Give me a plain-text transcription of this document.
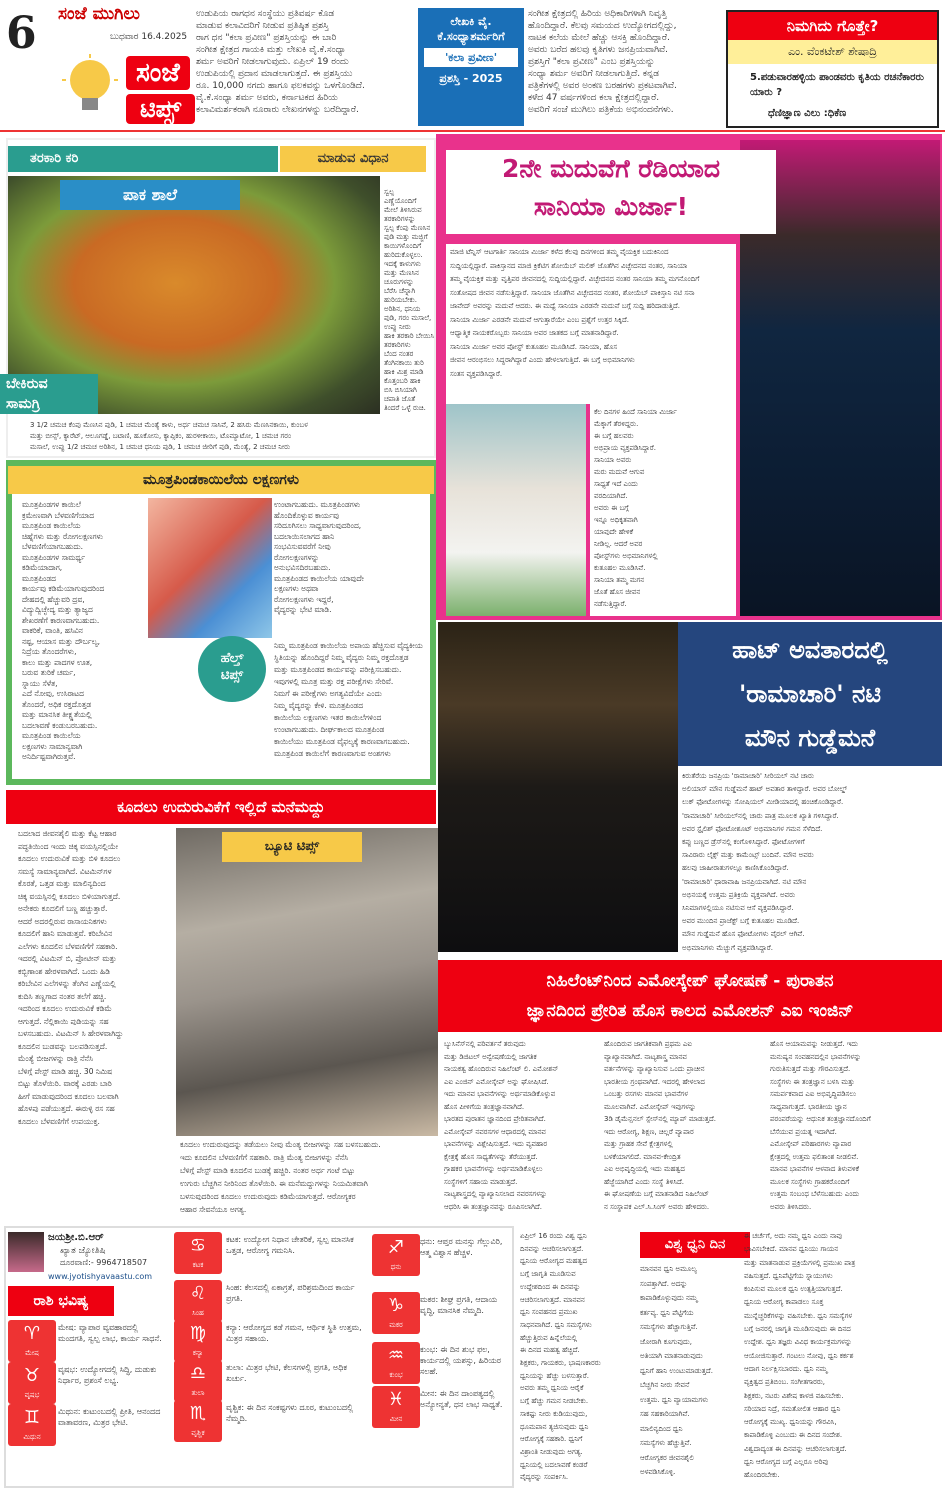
6 ಸಂಜೆ ಮುಗಿಲು
ಬುಧವಾರ 16.4.2025
ಸಂಜೆ
ಟಿಪ್ಸ್
ಉಡುಪಿಯ ರಾಗಧನ ಸಂಸ್ಥೆಯು ಪ್ರತಿವರ್ಷ ಕೊಡ
ಮಾಡುವ ಕಲಾವಿದರಿಗೆ ನೀಡುವ ಪ್ರತಿಷ್ಠಿತ ಪ್ರಶಸ್ತಿ
ರಾಗ ಧನ "ಕಲಾ ಪ್ರವೀಣ" ಪ್ರಶಸ್ತಿಯನ್ನು ಈ ಬಾರಿ
ಸಂಗೀತ ಕ್ಷೇತ್ರದ ಗಾಯಕಿ ಮತ್ತು ಲೇಖಕಿ ವೈ.ಕೆ.ಸಂಧ್ಯಾ
ಶರ್ಮ ಅವರಿಗೆ ನೀಡಲಾಗುವುದು. ಏಪ್ರಿಲ್ 19 ರಂದು
ಉಡುಪಿಯಲ್ಲಿ ಪ್ರದಾನ ಮಾಡಲಾಗುತ್ತದೆ. ಈ ಪ್ರಶಸ್ತಿಯು
ರೂ. 10,000 ನಗದು ಹಾಗೂ ಫಲಕವನ್ನು ಒಳಗೊಂಡಿದೆ.
ವೈ.ಕೆ.ಸಂಧ್ಯಾ ಶರ್ಮ ಅವರು, ಕರ್ನಾಟಕದ ಹಿರಿಯ
ಕಲಾವಿಮರ್ಶಕರಾಗಿ ನೂರಾರು ಲೇಖನಗಳನ್ನು ಬರೆದಿದ್ದಾರೆ.
ಲೇಖಕಿ ವೈ.
ಕೆ.ಸಂಧ್ಯಾಶರ್ಮರಿಗೆ
'ಕಲಾ ಪ್ರವೀಣ'
ಪ್ರಶಸ್ತಿ - 2025
ಸಂಗೀತ ಕ್ಷೇತ್ರದಲ್ಲಿ ಹಿರಿಯ ಅಧಿಕಾರಿಗಳಾಗಿ ನಿವೃತ್ತಿ
ಹೊಂದಿದ್ದಾರೆ. ಕೆಲವು ಸಮಯದ ಉದ್ಯೋಗದಲ್ಲಿದ್ದು,
ನಾಟಕ ಕಲೆಯ ಮೇಲೆ ಹೆಚ್ಚು ಆಸಕ್ತಿ ಹೊಂದಿದ್ದಾರೆ.
ಅವರು ಬರೆದ ಹಲವು ಕೃತಿಗಳು ಜನಪ್ರಿಯವಾಗಿವೆ.
ಪ್ರಶಸ್ತಿಗೆ "ಕಲಾ ಪ್ರವೀಣ" ಎಂಬ ಪ್ರಶಸ್ತಿಯನ್ನು
ಸಂಧ್ಯಾ ಶರ್ಮ ಅವರಿಗೆ ನೀಡಲಾಗುತ್ತಿದೆ. ಕನ್ನಡ
ಪತ್ರಿಕೆಗಳಲ್ಲಿ ಅವರ ಅಂಕಣ ಬರಹಗಳು ಪ್ರಕಟವಾಗಿವೆ.
ಕಳೆದ 47 ವರ್ಷಗಳಿಂದ ಕಲಾ ಕ್ಷೇತ್ರದಲ್ಲಿದ್ದಾರೆ.
ಅವರಿಗೆ ಸಂಜೆ ಮುಗಿಲು ಪತ್ರಿಕೆಯ ಅಭಿನಂದನೆಗಳು.
ನಿಮಗಿದು ಗೊತ್ತೇ?
ಎಂ. ವೆಂಕಟೇಶ್ ಶೇಷಾದ್ರಿ
5.ಪಡುವಾರಹಳ್ಳಿಯ ಪಾಂಡವರು ಕೃತಿಯ ರಚನೆಕಾರರು ಯಾರು ?
ಧೆಣಿಜ್ಞಾಣ ವಿಲು :ಧಿಕೆಣ
ತರಕಾರಿ ಕರಿ	ಮಾಡುವ ವಿಧಾನ
ಪಾಕ ಶಾಲೆ
ಬೇಕಿರುವ
ಸಾಮಗ್ರಿ
ಸ್ವಲ್ಪ
ಎಣ್ಣೆಯೊಂದಿಗೆ
ಮೇಲೆ ತಿಳಿಸಿರುವ
ತರಕಾರಿಗಳನ್ನು
ಸ್ವಲ್ಪ ಕೆಂಪು ಮೆಣಸಿನ
ಪುಡಿ ಮತ್ತು ಮಜ್ಜಿಗೆ
ಕಾಯಿಗಳೊಂದಿಗೆ
ಹುರಿದುಕೊಳ್ಳಲು.
ಇದಕ್ಕೆ ಕಾಳುಗಳು
ಮತ್ತು ಮೆಣಸಿನ
ಚೂರುಗಳನ್ನು
ಬೆರೆಸಿ ಚೆನ್ನಾಗಿ
ಹುರಿಯಬೇಕು.
ಅರಿಶಿನ, ಧನಿಯ
ಪುಡಿ, ಗರಂ ಮಸಾಲೆ,
ಉಪ್ಪು ನೀರು
ಹಾಕಿ ತರಕಾರಿ ಬೇಯಿಸಿ
ತರಕಾರಿಗಳು
ಬೆಂದ ನಂತರ
ತೆಂಗಿನಕಾಯಿ ತುರಿ
ಹಾಕಿ ಮಿಶ್ರ ಮಾಡಿ
ಕೊತ್ತಂಬರಿ ಹಾಕಿ
ಬಿಸಿ ಬಿಸಿಯಾಗಿ
ಚಪಾತಿ ಜೊತೆ
ತಿಂದರೆ ಒಳ್ಳೆ ರುಚಿ.
3 1/2 ಚಮಚ ಕೆಂಪು ಮೆಣಸಿನ ಪುಡಿ, 1 ಚಮಚ ಮೆಂತ್ಯೆ ಕಾಳು, ಅರ್ಧ ಚಮಚ ಸಾಸಿವೆ, 2 ಹಸಿರು ಮೆಣಸಿನಕಾಯಿ, ಕುಂಬಳ
ಮತ್ತು ಬೀನ್ಸ್, ಕ್ಯಾರೆಟ್, ಆಲೂಗಡ್ಡೆ, ಬಟಾಣಿ, ಹೂಕೋಸು, ಕ್ಯಾಪ್ಸಿಕಂ, ಹುರಳೀಕಾಯಿ, ಟೊಮ್ಯಾಟೋ, 1 ಚಮಚ ಗರಂ
ಮಸಾಲೆ, ಉಪ್ಪು 1/2 ಚಮಚ ಅರಿಶಿನ, 1 ಚಮಚ ಧನಿಯ ಪುಡಿ, 1 ಚಮಚ ಜೀರಿಗೆ ಪುಡಿ, ಮೆಂತ್ಯೆ, 2 ಚಮಚ ನೀರು
ಮೂತ್ರಪಿಂಡಕಾಯಿಲೆಯ ಲಕ್ಷಣಗಳು
ಹೆಲ್ತ್
ಟಿಪ್ಸ್
ಮೂತ್ರಪಿಂಡಗಳ ಕಾಯಿಲೆ
ಕ್ರಮೇಣವಾಗಿ ಬೆಳವಣಿಗೆಯಾದ
ಮೂತ್ರಪಿಂಡ ಕಾಯಿಲೆಯ
ಚಿಹ್ನೆಗಳು ಮತ್ತು ರೋಗಲಕ್ಷಣಗಳು
ಬೆಳವಣಿಗೆಯಾಗಬಹುದು.
ಮೂತ್ರಪಿಂಡಗಳ ಸಾಮರ್ಥ್ಯ
ಕಡಿಮೆಯಾದಾಗ,
ಮೂತ್ರಪಿಂಡದ
ಕಾರ್ಯವು ಕಡಿಮೆಯಾಗುವುದರಿಂದ
ದೇಹದಲ್ಲಿ ಹೆಚ್ಚುವರಿ ದ್ರವ,
ವಿದ್ಯುದ್ವಿಚ್ಛೇದ್ಯ ಮತ್ತು ತ್ಯಾಜ್ಯದ
ಶೇಖರಣೆಗೆ ಕಾರಣವಾಗಬಹುದು.
ವಾಕರಿಕೆ, ವಾಂತಿ, ಹಸಿವಿನ
ನಷ್ಟ, ಆಯಾಸ ಮತ್ತು ದೌರ್ಬಲ್ಯ,
ನಿದ್ರೆಯ ತೊಂದರೆಗಳು,
ಕಾಲು ಮತ್ತು ಪಾದಗಳ ಊತ,
ಬರುವ ತುರಿಕೆ ಚರ್ಮ,
ಸ್ನಾಯು ಸೆಳೆತ,
ಎದೆ ನೋವು, ಉಸಿರಾಟದ
ತೊಂದರೆ, ಅಧಿಕ ರಕ್ತದೊತ್ತಡ
ಮತ್ತು ಮಾನಸಿಕ ತೀಕ್ಷ್ಣತೆಯಲ್ಲಿ
ಬದಲಾವಣೆ ಕಂಡುಬರಬಹುದು.
ಮೂತ್ರಪಿಂಡ ಕಾಯಿಲೆಯ
ಲಕ್ಷಣಗಳು ಸಾಮಾನ್ಯವಾಗಿ
ಅನಿರ್ದಿಷ್ಟವಾಗಿರುತ್ತವೆ.
ಉಂಟಾಗಬಹುದು. ಮೂತ್ರಪಿಂಡಗಳು
ಹೊಂದಿಕೊಳ್ಳುವ ಕಾರ್ಯವು
ಸರಿದೂಗಿಸಲು ಸಾಧ್ಯವಾಗುವುದರಿಂದ,
ಬದಲಾಯಿಸಲಾಗದ ಹಾನಿ
ಸಂಭವಿಸುವವರೆಗೆ ನೀವು
ರೋಗಲಕ್ಷಣಗಳನ್ನು
ಅನುಭವಿಸದಿರಬಹುದು.
ಮೂತ್ರಪಿಂಡದ ಕಾಯಿಲೆಯ ಯಾವುದೇ
ಲಕ್ಷಣಗಳು ಅಥವಾ
ರೋಗಲಕ್ಷಣಗಳು ಇದ್ದರೆ,
ವೈದ್ಯರನ್ನು ಭೇಟಿ ಮಾಡಿ.
ನಿಮ್ಮ ಮೂತ್ರಪಿಂಡ ಕಾಯಿಲೆಯ ಅಪಾಯ ಹೆಚ್ಚಿಸುವ ವೈದ್ಯಕೀಯ
ಸ್ಥಿತಿಯನ್ನು ಹೊಂದಿದ್ದರೆ ನಿಮ್ಮ ವೈದ್ಯರು ನಿಮ್ಮ ರಕ್ತದೊತ್ತಡ
ಮತ್ತು ಮೂತ್ರಪಿಂಡದ ಕಾರ್ಯವನ್ನು ಪರೀಕ್ಷಿಸಬಹುದು.
ಇವುಗಳಲ್ಲಿ ಮೂತ್ರ ಮತ್ತು ರಕ್ತ ಪರೀಕ್ಷೆಗಳು ಸೇರಿವೆ.
ನಿಮಗೆ ಈ ಪರೀಕ್ಷೆಗಳು ಅಗತ್ಯವಿದೆಯೇ ಎಂದು
ನಿಮ್ಮ ವೈದ್ಯರನ್ನು ಕೇಳಿ. ಮೂತ್ರಪಿಂಡದ
ಕಾಯಿಲೆಯ ಲಕ್ಷಣಗಳು ಇತರ ಕಾಯಿಲೆಗಳಿಂದ
ಉಂಟಾಗಬಹುದು. ದೀರ್ಘಕಾಲದ ಮೂತ್ರಪಿಂಡ
ಕಾಯಿಲೆಯು ಮೂತ್ರಪಿಂಡ ವೈಫಲ್ಯಕ್ಕೆ ಕಾರಣವಾಗಬಹುದು.
ಮೂತ್ರಪಿಂಡ ಕಾಯಿಲೆಗೆ ಕಾರಣವಾಗುವ ಅಂಶಗಳು
ಕೂದಲು ಉದುರುವಿಕೆಗೆ ಇಲ್ಲಿದೆ ಮನೆಮದ್ದು
ಬ್ಯೂಟಿ ಟಿಪ್ಸ್
ಬದಲಾದ ಜೀವನಶೈಲಿ ಮತ್ತು ಕೆಟ್ಟ ಆಹಾರ
ಪದ್ಧತಿಯಿಂದ ಇಂದು ಚಿಕ್ಕ ವಯಸ್ಸಿನಲ್ಲಿಯೇ
ಕೂದಲು ಉದುರುವಿಕೆ ಮತ್ತು ಬಿಳಿ ಕೂದಲು
ಸಮಸ್ಯೆ ಸಾಮಾನ್ಯವಾಗಿದೆ. ವಿಟಮಿನ್‌ಗಳ
ಕೊರತೆ, ಒತ್ತಡ ಮತ್ತು ಮಾಲಿನ್ಯದಿಂದ
ಚಿಕ್ಕ ವಯಸ್ಸಿನಲ್ಲಿ ಕೂದಲು ಬಿಳಿಯಾಗುತ್ತದೆ.
ಅನೇಕರು ಕೂದಲಿಗೆ ಬಣ್ಣ ಹಚ್ಚುತ್ತಾರೆ.
ಆದರೆ ಅದರಲ್ಲಿರುವ ರಾಸಾಯನಿಕಗಳು
ಕೂದಲಿಗೆ ಹಾನಿ ಮಾಡುತ್ತವೆ. ಕರಿಬೇವಿನ
ಎಲೆಗಳು ಕೂದಲಿನ ಬೆಳವಣಿಗೆಗೆ ಸಹಕಾರಿ.
ಇದರಲ್ಲಿ ವಿಟಮಿನ್ ಬಿ, ಪ್ರೋಟೀನ್ ಮತ್ತು
ಕಬ್ಬಿಣಾಂಶ ಹೇರಳವಾಗಿದೆ. ಒಂದು ಹಿಡಿ
ಕರಿಬೇವಿನ ಎಲೆಗಳನ್ನು ತೆಂಗಿನ ಎಣ್ಣೆಯಲ್ಲಿ
ಕುದಿಸಿ ತಣ್ಣಗಾದ ನಂತರ ತಲೆಗೆ ಹಚ್ಚಿ.
ಇದರಿಂದ ಕೂದಲು ಉದುರುವಿಕೆ ಕಡಿಮೆ
ಆಗುತ್ತದೆ. ನೆಲ್ಲಿಕಾಯಿ ಪುಡಿಯನ್ನು ಸಹ
ಬಳಸಬಹುದು. ವಿಟಮಿನ್ ಸಿ ಹೇರಳವಾಗಿದ್ದು
ಕೂದಲಿನ ಬುಡವನ್ನು ಬಲಪಡಿಸುತ್ತದೆ.
ಮೆಂತ್ಯೆ ಬೀಜಗಳನ್ನು ರಾತ್ರಿ ನೆನೆಸಿ
ಬೆಳಿಗ್ಗೆ ಪೇಸ್ಟ್ ಮಾಡಿ ಹಚ್ಚಿ. 30 ನಿಮಿಷ
ಬಿಟ್ಟು ತೊಳೆಯಿರಿ. ವಾರಕ್ಕೆ ಎರಡು ಬಾರಿ
ಹೀಗೆ ಮಾಡುವುದರಿಂದ ಕೂದಲು ಬಲವಾಗಿ
ಹೊಳಪು ಪಡೆಯುತ್ತದೆ. ಈರುಳ್ಳಿ ರಸ ಸಹ
ಕೂದಲು ಬೆಳವಣಿಗೆಗೆ ಉಪಯುಕ್ತ.
ಕೂದಲು ಉದುರುವುದನ್ನು ತಡೆಯಲು ನೀವು ಮೆಂತ್ಯ ಬೀಜಗಳನ್ನು ಸಹ ಬಳಸಬಹುದು.
ಇದು ಕೂದಲಿನ ಬೆಳವಣಿಗೆಗೆ ಸಹಕಾರಿ. ರಾತ್ರಿ ಮೆಂತ್ಯ ಬೀಜಗಳನ್ನು ನೆನೆಸಿ
ಬೆಳಿಗ್ಗೆ ಪೇಸ್ಟ್ ಮಾಡಿ ಕೂದಲಿನ ಬುಡಕ್ಕೆ ಹಚ್ಚಿರಿ. ನಂತರ ಅರ್ಧ ಗಂಟೆ ಬಿಟ್ಟು
ಉಗುರು ಬೆಚ್ಚಗಿನ ನೀರಿನಿಂದ ತೊಳೆಯಿರಿ. ಈ ಮನೆಮದ್ದುಗಳನ್ನು ನಿಯಮಿತವಾಗಿ
ಬಳಸುವುದರಿಂದ ಕೂದಲು ಉದುರುವುದು ಕಡಿಮೆಯಾಗುತ್ತದೆ. ಆರೋಗ್ಯಕರ
ಆಹಾರ ಸೇವನೆಯೂ ಅಗತ್ಯ.
2ನೇ ಮದುವೆಗೆ ರೆಡಿಯಾದ
ಸಾನಿಯಾ ಮಿರ್ಜಾ!
ಮಾಜಿ ಟೆನ್ನಿಸ್ ಆಟಗಾರ್ತಿ ಸಾನಿಯಾ ಮಿರ್ಜಾ ಕಳೆದ ಕೆಲವು ದಿನಗಳಿಂದ ತಮ್ಮ ವೈಯಕ್ತಿಕ ಬದುಕಿನಿಂದ
ಸುದ್ದಿಯಲ್ಲಿದ್ದಾರೆ. ಪಾಕಿಸ್ತಾನದ ಮಾಜಿ ಕ್ರಿಕೆಟಿಗ ಶೋಯೆಬ್ ಮಲಿಕ್ ಜೊತೆಗಿನ ವಿಚ್ಛೇದನದ ನಂತರ, ಸಾನಿಯಾ
ತಮ್ಮ ವೈಯಕ್ತಿಕ ಮತ್ತು ವೃತ್ತಿಪರ ಜೀವನದಲ್ಲಿ ಸುದ್ದಿಯಲ್ಲಿದ್ದಾರೆ. ವಿಚ್ಛೇದನದ ನಂತರ ಸಾನಿಯಾ ತಮ್ಮ ಮಗನೊಂದಿಗೆ
ಸಂತೋಷದ ಜೀವನ ನಡೆಸುತ್ತಿದ್ದಾರೆ. ಸಾನಿಯಾ ಜೊತೆಗಿನ ವಿಚ್ಛೇದನದ ನಂತರ, ಶೋಯೆಬ್ ಪಾಕಿಸ್ತಾನಿ ನಟಿ ಸನಾ
ಜಾವೇದ್ ಅವರನ್ನು ಮದುವೆ ಆದರು. ಈ ಮಧ್ಯೆ ಸಾನಿಯಾ ಎರಡನೇ ಮದುವೆ ಬಗ್ಗೆ ಸುದ್ದಿ ಹರಿದಾಡುತ್ತಿದೆ.
ಸಾನಿಯಾ ಮಿರ್ಜಾ ಎರಡನೇ ಮದುವೆ ಆಗುತ್ತಾರೆಯೇ ಎಂಬ ಪ್ರಶ್ನೆಗೆ ಉತ್ತರ ಸಿಕ್ಕಿದೆ.
ಆಧ್ಯಾತ್ಮಿಕ ನಾಯಕರೊಬ್ಬರು ಸಾನಿಯಾ ಅವರ ಜಾತಕದ ಬಗ್ಗೆ ಮಾತನಾಡಿದ್ದಾರೆ.
ಸಾನಿಯಾ ಮಿರ್ಜಾ ಅವರ ಪೋಸ್ಟ್ ಕುತೂಹಲ ಮೂಡಿಸಿದೆ. ಸಾನಿಯಾ, ಹೊಸ
ಜೀವನ ಆರಂಭಿಸಲು ಸಿದ್ಧರಾಗಿದ್ದಾರೆ ಎಂದು ಹೇಳಲಾಗುತ್ತಿದೆ. ಈ ಬಗ್ಗೆ ಅಭಿಮಾನಿಗಳು
ಸಂತಸ ವ್ಯಕ್ತಪಡಿಸಿದ್ದಾರೆ.
ಕೆಲ ದಿನಗಳ ಹಿಂದೆ ಸಾನಿಯಾ ಮಿರ್ಜಾ
ಮೆಕ್ಕಾಗೆ ತೆರಳಿದ್ದರು.
ಈ ಬಗ್ಗೆ ಹಲವರು
ಅಭಿಪ್ರಾಯ ವ್ಯಕ್ತಪಡಿಸಿದ್ದಾರೆ.
ಸಾನಿಯಾ ಅವರು
ಮರು ಮದುವೆ ಆಗುವ
ಸಾಧ್ಯತೆ ಇದೆ ಎಂದು
ವರದಿಯಾಗಿದೆ.
ಅವರು ಈ ಬಗ್ಗೆ
ಇನ್ನೂ ಅಧಿಕೃತವಾಗಿ
ಯಾವುದೇ ಹೇಳಿಕೆ
ನೀಡಿಲ್ಲ. ಆದರೆ ಅವರ
ಪೋಸ್ಟ್‌ಗಳು ಅಭಿಮಾನಿಗಳಲ್ಲಿ
ಕುತೂಹಲ ಮೂಡಿಸಿವೆ.
ಸಾನಿಯಾ ತಮ್ಮ ಮಗನ
ಜೊತೆ ಹೊಸ ಜೀವನ
ನಡೆಸುತ್ತಿದ್ದಾರೆ.
ಹಾಟ್ ಅವತಾರದಲ್ಲಿ
'ರಾಮಾಚಾರಿ' ನಟಿ
ಮೌನ ಗುಡ್ಡೆಮನೆ
ಕಿರುತೆರೆಯ ಜನಪ್ರಿಯ 'ರಾಮಾಚಾರಿ' ಸೀರಿಯಲ್ ನಟಿ ಚಾರು
ಅಲಿಯಾಸ್ ಮೌನ ಗುಡ್ಡೆಮನೆ ಹಾಟ್ ಅವತಾರ ತಾಳಿದ್ದಾರೆ. ಅವರ ಬೋಲ್ಡ್
ಲುಕ್ ಫೋಟೋಗಳನ್ನು ಸೋಷಿಯಲ್ ಮೀಡಿಯಾದಲ್ಲಿ ಹಂಚಿಕೊಂಡಿದ್ದಾರೆ.
'ರಾಮಾಚಾರಿ' ಸೀರಿಯಲ್‌ನಲ್ಲಿ ಚಾರು ಪಾತ್ರ ಮೂಲಕ ಖ್ಯಾತಿ ಗಳಿಸಿದ್ದಾರೆ.
ಅವರ ಸ್ಟೈಲಿಶ್ ಫೋಟೋಶೂಟ್ ಅಭಿಮಾನಿಗಳ ಗಮನ ಸೆಳೆದಿದೆ.
ಕಪ್ಪು ಬಣ್ಣದ ಡ್ರೆಸ್‌ನಲ್ಲಿ ಕಂಗೊಳಿಸಿದ್ದಾರೆ. ಫೋಟೋಗಳಿಗೆ
ಸಾವಿರಾರು ಲೈಕ್ಸ್ ಮತ್ತು ಕಾಮೆಂಟ್ಸ್ ಬಂದಿವೆ. ಮೌನ ಅವರು
ಹಲವು ಜಾಹೀರಾತುಗಳಲ್ಲೂ ಕಾಣಿಸಿಕೊಂಡಿದ್ದಾರೆ.
'ರಾಮಾಚಾರಿ' ಧಾರಾವಾಹಿ ಜನಪ್ರಿಯವಾಗಿದೆ. ನಟಿ ಮೌನ
ಅಭಿನಯಕ್ಕೆ ಉತ್ತಮ ಪ್ರತಿಕ್ರಿಯೆ ವ್ಯಕ್ತವಾಗಿದೆ. ಅವರು
ಸಿನಿಮಾಗಳಲ್ಲಿಯೂ ನಟಿಸುವ ಆಸೆ ವ್ಯಕ್ತಪಡಿಸಿದ್ದಾರೆ.
ಅವರ ಮುಂದಿನ ಪ್ರಾಜೆಕ್ಟ್ ಬಗ್ಗೆ ಕುತೂಹಲ ಮೂಡಿದೆ.
ಮೌನ ಗುಡ್ಡೆಮನೆ ಹೊಸ ಫೋಟೋಗಳು ವೈರಲ್ ಆಗಿವೆ.
ಅಭಿಮಾನಿಗಳು ಮೆಚ್ಚುಗೆ ವ್ಯಕ್ತಪಡಿಸಿದ್ದಾರೆ.
ನಿಹಿಲೆಂಟ್‌ನಿಂದ ಎಮೋಸ್ಕೇಪ್ ಘೋಷಣೆ - ಪುರಾತನ
ಜ್ಞಾನದಿಂದ ಪ್ರೇರಿತ ಹೊಸ ಕಾಲದ ಎಮೋಶನ್ ಎಐ ಇಂಜಿನ್
ಬ್ಯುಸಿನೆಸ್‌ನಲ್ಲಿ ಪರಿವರ್ತನೆ ತರುವುದು
ಮತ್ತು ಡಿಜಿಟಲ್ ಅನ್ವೇಷಣೆಯಲ್ಲಿ ಜಾಗತಿಕ
ನಾಯಕತ್ವ ಹೊಂದಿರುವ ನಿಹಿಲೆಂಟ್ ಲಿ. ಎಮೋಶನ್
ಎಐ ಎಂಜಿನ್ ಎಮೋಸ್ಕೇಪ್ ಅನ್ನು ಘೋಷಿಸಿದೆ.
ಇದು ಮಾನವ ಭಾವನೆಗಳನ್ನು ಅರ್ಥಮಾಡಿಕೊಳ್ಳುವ
ಹೊಸ ಪೀಳಿಗೆಯ ತಂತ್ರಜ್ಞಾನವಾಗಿದೆ.
ಭಾರತದ ಪುರಾತನ ಜ್ಞಾನದಿಂದ ಪ್ರೇರಿತವಾಗಿದೆ.
ಎಮೋಸ್ಕೇಪ್ ನವರಸಗಳ ಆಧಾರದಲ್ಲಿ ಮಾನವ
ಭಾವನೆಗಳನ್ನು ವಿಶ್ಲೇಷಿಸುತ್ತದೆ. ಇದು ವ್ಯವಹಾರ
ಕ್ಷೇತ್ರಕ್ಕೆ ಹೊಸ ಸಾಧ್ಯತೆಗಳನ್ನು ತೆರೆಯುತ್ತದೆ.
ಗ್ರಾಹಕರ ಭಾವನೆಗಳನ್ನು ಅರ್ಥಮಾಡಿಕೊಳ್ಳಲು
ಸಂಸ್ಥೆಗಳಿಗೆ ಸಹಾಯ ಮಾಡುತ್ತದೆ.
ನಾಟ್ಯಶಾಸ್ತ್ರದಲ್ಲಿ ವ್ಯಾಖ್ಯಾನಿಸಲಾದ ನವರಸಗಳನ್ನು
ಆಧರಿಸಿ ಈ ತಂತ್ರಜ್ಞಾನವನ್ನು ರೂಪಿಸಲಾಗಿದೆ.
ಹೊಂದಿರುವ ಜಾಗತಿಕವಾಗಿ ಪ್ರಥಮ ಎಐ
ವ್ಯಾಖ್ಯಾನವಾಗಿದೆ. ನಾಟ್ಯಶಾಸ್ತ್ರ ಮಾನವ
ವರ್ತನೆಗಳನ್ನು ವ್ಯಾಖ್ಯಾನಿಸುವ ಒಂದು ಪ್ರಾಚೀನ
ಭಾರತೀಯ ಗ್ರಂಥವಾಗಿದೆ. ಇದರಲ್ಲಿ ಹೇಳಲಾದ
ಒಂಬತ್ತು ರಸಗಳು ಮಾನವ ಭಾವನೆಗಳ
ಮೂಲವಾಗಿವೆ. ಎಮೋಸ್ಕೇಪ್ ಇವುಗಳನ್ನು
3ಡಿ ಡೈಮೆನ್ಷನಲ್ ಸ್ಪೇಸ್‌ನಲ್ಲಿ ಮ್ಯಾಪ್ ಮಾಡುತ್ತದೆ.
ಇದು ಆರೋಗ್ಯ, ಶಿಕ್ಷಣ, ಚಿಲ್ಲರೆ ವ್ಯಾಪಾರ
ಮತ್ತು ಗ್ರಾಹಕ ಸೇವೆ ಕ್ಷೇತ್ರಗಳಲ್ಲಿ
ಬಳಕೆಯಾಗಲಿದೆ. ಮಾನವ-ಕೇಂದ್ರಿತ
ಎಐ ಅಭಿವೃದ್ಧಿಯಲ್ಲಿ ಇದು ಮಹತ್ವದ
ಹೆಜ್ಜೆಯಾಗಿದೆ ಎಂದು ಸಂಸ್ಥೆ ತಿಳಿಸಿದೆ.
ಈ ಘೋಷಣೆಯ ಬಗ್ಗೆ ಮಾತನಾಡಿದ ನಿಹಿಲೆಂಟ್
ನ ಸಂಸ್ಥಾಪಕ ಎಲ್.ಸಿ.ಸಿಂಗ್ ಅವರು ಹೇಳಿದರು.
ಹೊಸ ಆಯಾಮವನ್ನು ನೀಡುತ್ತದೆ. ಇದು
ಮನುಷ್ಯನ ಸಂವಹನದಲ್ಲಿನ ಭಾವನೆಗಳನ್ನು
ಗುರುತಿಸುತ್ತದೆ ಮತ್ತು ಗೌರವಿಸುತ್ತದೆ.
ಸಂಸ್ಥೆಗಳು ಈ ತಂತ್ರಜ್ಞಾನ ಬಳಸಿ ಮತ್ತು
ಸಮರ್ಪಕವಾದ ಎಐ ಅಭಿವೃದ್ಧಿಪಡಿಸಲು
ಸಾಧ್ಯವಾಗುತ್ತದೆ. ಭಾರತೀಯ ಜ್ಞಾನ
ಪರಂಪರೆಯನ್ನು ಆಧುನಿಕ ತಂತ್ರಜ್ಞಾನದೊಂದಿಗೆ
ಬೆಸೆಯುವ ಪ್ರಯತ್ನ ಇದಾಗಿದೆ.
ಎಮೋಸ್ಕೇಪ್ ಪರಿಹಾರಗಳು ವ್ಯಾಪಾರ
ಕ್ಷೇತ್ರದಲ್ಲಿ ಉತ್ತಮ ಫಲಿತಾಂಶ ನೀಡಲಿವೆ.
ಮಾನವ ಭಾವನೆಗಳ ಆಳವಾದ ತಿಳುವಳಿಕೆ
ಮೂಲಕ ಸಂಸ್ಥೆಗಳು ಗ್ರಾಹಕರೊಂದಿಗೆ
ಉತ್ತಮ ಸಂಬಂಧ ಬೆಳೆಸಬಹುದು ಎಂದು
ಅವರು ತಿಳಿಸಿದರು.
ಜಯಶ್ರೀ.ಬಿ.ಆರ್
ಖ್ಯಾತ ಜ್ಯೋತಿಷಿ
ದೂರವಾಣಿ:- 9964718507
www.jyotishyavaastu.com
ರಾಶಿ ಭವಿಷ್ಯ
♈
ಮೇಷ
ಮೇಷ: ವ್ಯಾಪಾರ ವ್ಯವಹಾರದಲ್ಲಿ ಮಂದಗತಿ, ಸ್ವಲ್ಪ ಲಾಭ, ಕಾರ್ಯ ಸಾಧನೆ.
♉
ವೃಷಭ
ವೃಷಭ: ಉದ್ಯೋಗದಲ್ಲಿ ಸಿದ್ಧಿ, ದುಡುಕು ನಿರ್ಧಾರ, ಪ್ರಶಂಸೆ ಲಭ್ಯ.
♊
ಮಿಥುನ
ಮಿಥುನ: ಕುಟುಂಬದಲ್ಲಿ ಪ್ರೀತಿ, ಆನಂದದ ವಾತಾವರಣ, ಮಿತ್ರರ ಭೇಟಿ.
♋
ಕಟಕ
ಕಟಕ: ಉದ್ಯೋಗ ನಿಧಾನ ಚೇತರಿಕೆ, ಸ್ವಲ್ಪ ಮಾನಸಿಕ ಒತ್ತಡ, ಆರೋಗ್ಯ ಗಮನಿಸಿ.
♌
ಸಿಂಹ
ಸಿಂಹ: ಕೆಲಸದಲ್ಲಿ ಏಕಾಗ್ರತೆ, ಪರಿಶ್ರಮದಿಂದ ಕಾರ್ಯ ಪ್ರಗತಿ.
♍
ಕನ್ಯಾ
ಕನ್ಯಾ: ಆರೋಗ್ಯದ ಕಡೆ ಗಮನ, ಆರ್ಥಿಕ ಸ್ಥಿತಿ ಉತ್ತಮ, ಮಿತ್ರರ ಸಹಾಯ.
♎
ತುಲಾ
ತುಲಾ: ಮಿತ್ರರ ಭೇಟಿ, ಕೆಲಸಗಳಲ್ಲಿ ಪ್ರಗತಿ, ಅಧಿಕ ಖರ್ಚು.
♏
ವೃಶ್ಚಿಕ
ವೃಶ್ಚಿಕ: ಈ ದಿನ ಸಂಕಷ್ಟಗಳು ದೂರ, ಕುಟುಂಬದಲ್ಲಿ ನೆಮ್ಮದಿ.
♐
ಧನು
ಧನು: ಆಪ್ತರ ಮನಸ್ಸು ಗೆಲ್ಲುವಿರಿ, ಆತ್ಮ ವಿಶ್ವಾಸ ಹೆಚ್ಚಳ.
♑
ಮಕರ
ಮಕರ: ಶೀಘ್ರ ಪ್ರಗತಿ, ಆದಾಯ ವೃದ್ಧಿ, ಮಾನಸಿಕ ನೆಮ್ಮದಿ.
♒
ಕುಂಭ
ಕುಂಭ: ಈ ದಿನ ಶುಭ ಫಲ, ಕಾರ್ಯದಲ್ಲಿ ಯಶಸ್ಸು, ಹಿರಿಯರ ಸಲಹೆ.
♓
ಮೀನ
ಮೀನ: ಈ ದಿನ ದಾಂಪತ್ಯದಲ್ಲಿ ಅನ್ಯೋನ್ಯತೆ, ಧನ ಲಾಭ ಸಾಧ್ಯತೆ.
ಏಪ್ರಿಲ್ 16 ರಂದು ವಿಶ್ವ ಧ್ವನಿ
ದಿನವನ್ನು ಆಚರಿಸಲಾಗುತ್ತದೆ.
ಧ್ವನಿಯ ಆರೋಗ್ಯದ ಮಹತ್ವದ
ಬಗ್ಗೆ ಜಾಗೃತಿ ಮೂಡಿಸುವ
ಉದ್ದೇಶದಿಂದ ಈ ದಿನವನ್ನು
ಆಚರಿಸಲಾಗುತ್ತದೆ. ಮಾನವನ
ಧ್ವನಿ ಸಂವಹನದ ಪ್ರಮುಖ
ಸಾಧನವಾಗಿದೆ. ಧ್ವನಿ ಸಮಸ್ಯೆಗಳು
ಹೆಚ್ಚುತ್ತಿರುವ ಹಿನ್ನೆಲೆಯಲ್ಲಿ
ಈ ದಿನದ ಮಹತ್ವ ಹೆಚ್ಚಿದೆ.
ಶಿಕ್ಷಕರು, ಗಾಯಕರು, ಭಾಷಣಕಾರರು
ಧ್ವನಿಯನ್ನು ಹೆಚ್ಚು ಬಳಸುತ್ತಾರೆ.
ಅವರು ತಮ್ಮ ಧ್ವನಿಯ ಆರೈಕೆ
ಬಗ್ಗೆ ಹೆಚ್ಚು ಗಮನ ನೀಡಬೇಕು.
ಸಾಕಷ್ಟು ನೀರು ಕುಡಿಯುವುದು,
ಧೂಮಪಾನ ತ್ಯಜಿಸುವುದು ಧ್ವನಿ
ಆರೋಗ್ಯಕ್ಕೆ ಸಹಕಾರಿ. ಧ್ವನಿಗೆ
ವಿಶ್ರಾಂತಿ ನೀಡುವುದು ಅಗತ್ಯ.
ಧ್ವನಿಯಲ್ಲಿ ಬದಲಾವಣೆ ಕಂಡರೆ
ವೈದ್ಯರನ್ನು ಸಂಪರ್ಕಿಸಿ.
ವಿಶ್ವ ಧ್ವನಿ ದಿನ
ಮಾನವನ ಧ್ವನಿ ಅಮೂಲ್ಯ
ಸಂಪತ್ತಾಗಿದೆ. ಅದನ್ನು
ಕಾಪಾಡಿಕೊಳ್ಳುವುದು ನಮ್ಮ
ಕರ್ತವ್ಯ. ಧ್ವನಿ ಪೆಟ್ಟಿಗೆಯ
ಸಮಸ್ಯೆಗಳು ಹೆಚ್ಚಾಗುತ್ತಿವೆ.
ಜೋರಾಗಿ ಕೂಗುವುದು,
ಅತಿಯಾಗಿ ಮಾತನಾಡುವುದು
ಧ್ವನಿಗೆ ಹಾನಿ ಉಂಟುಮಾಡುತ್ತದೆ.
ಬೆಚ್ಚಗಿನ ನೀರು ಸೇವನೆ
ಉತ್ತಮ. ಧ್ವನಿ ವ್ಯಾಯಾಮಗಳು
ಸಹ ಸಹಕಾರಿಯಾಗಿವೆ.
ಮಾಲಿನ್ಯದಿಂದ ಧ್ವನಿ
ಸಮಸ್ಯೆಗಳು ಹೆಚ್ಚುತ್ತಿವೆ.
ಆರೋಗ್ಯಕರ ಜೀವನಶೈಲಿ
ಅಳವಡಿಸಿಕೊಳ್ಳಿ.
ಈ ಚರ್ಚೆಗೆ, ಅದು ನಮ್ಮ ಧ್ವನಿ ಎಂದು ನಾವು
ಭಾವಿಸಬೇಕಿದೆ. ಮಾನವ ಧ್ವನಿಯು ಗಾಯನ
ಮತ್ತು ಮಾತನಾಡುವ ಪ್ರಕ್ರಿಯೆಗಳಲ್ಲಿ ಪ್ರಮುಖ ಪಾತ್ರ
ವಹಿಸುತ್ತದೆ. ಧ್ವನಿಪೆಟ್ಟಿಗೆಯ ಸ್ನಾಯುಗಳು
ಕಂಪಿಸುವ ಮೂಲಕ ಧ್ವನಿ ಉತ್ಪತ್ತಿಯಾಗುತ್ತದೆ.
ಧ್ವನಿಯ ಆರೋಗ್ಯ ಕಾಪಾಡಲು ಸೂಕ್ತ
ಮುನ್ನೆಚ್ಚರಿಕೆಗಳನ್ನು ವಹಿಸಬೇಕು. ಧ್ವನಿ ಸಮಸ್ಯೆಗಳ
ಬಗ್ಗೆ ಜನರಲ್ಲಿ ಜಾಗೃತಿ ಮೂಡಿಸುವುದು ಈ ದಿನದ
ಉದ್ದೇಶ. ಧ್ವನಿ ತಜ್ಞರು ವಿವಿಧ ಕಾರ್ಯಕ್ರಮಗಳನ್ನು
ಆಯೋಜಿಸುತ್ತಾರೆ. ಗಂಟಲು ನೋವು, ಧ್ವನಿ ಕರ್ಕಶ
ಆದಾಗ ನಿರ್ಲಕ್ಷಿಸಬಾರದು. ಧ್ವನಿ ನಮ್ಮ
ವ್ಯಕ್ತಿತ್ವದ ಪ್ರತಿಬಿಂಬ. ಸಂಗೀತಗಾರರು,
ಶಿಕ್ಷಕರು, ನಟರು ವಿಶೇಷ ಕಾಳಜಿ ವಹಿಸಬೇಕು.
ಸರಿಯಾದ ನಿದ್ರೆ, ಸಮತೋಲಿತ ಆಹಾರ ಧ್ವನಿ
ಆರೋಗ್ಯಕ್ಕೆ ಮುಖ್ಯ. ಧ್ವನಿಯನ್ನು ಗೌರವಿಸಿ,
ಕಾಪಾಡಿಕೊಳ್ಳಿ ಎಂಬುದು ಈ ದಿನದ ಸಂದೇಶ.
ವಿಶ್ವದಾದ್ಯಂತ ಈ ದಿನವನ್ನು ಆಚರಿಸಲಾಗುತ್ತದೆ.
ಧ್ವನಿ ಆರೋಗ್ಯದ ಬಗ್ಗೆ ಎಲ್ಲರೂ ಅರಿವು
ಹೊಂದಿರಬೇಕು.
